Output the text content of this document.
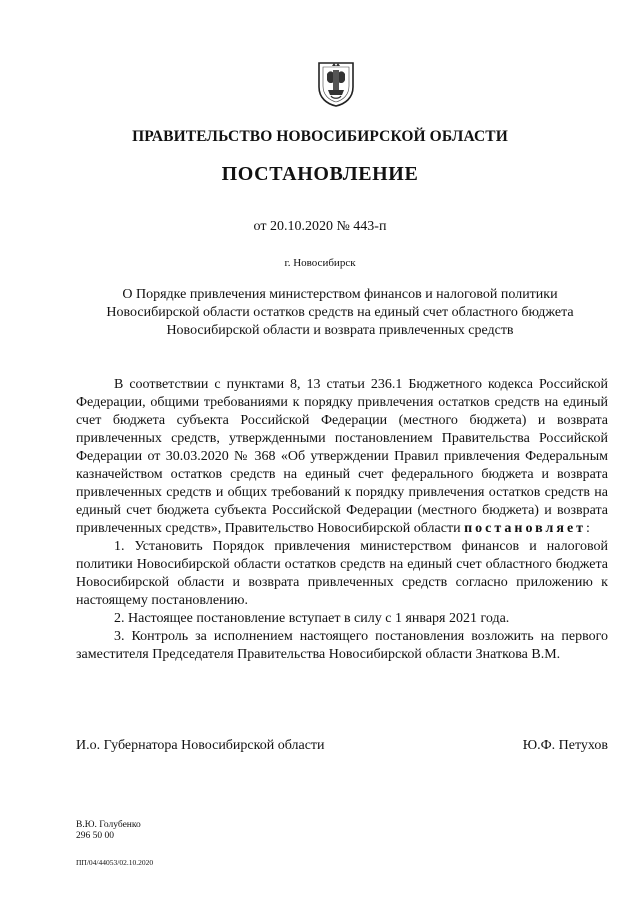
ПРАВИТЕЛЬСТВО НОВОСИБИРСКОЙ ОБЛАСТИ
ПОСТАНОВЛЕНИЕ
от 20.10.2020 № 443-п
г. Новосибирск
О Порядке привлечения министерством финансов и налоговой политики
Новосибирской области остатков средств на единый счет областного бюджета
Новосибирской области и возврата привлеченных средств

В соответствии с пунктами 8, 13 статьи 236.1 Бюджетного кодекса Российской Федерации, общими требованиями к порядку привлечения остатков средств на единый счет бюджета субъекта Российской Федерации (местного бюджета) и возврата привлеченных средств, утвержденными постановлением Правительства Российской Федерации от 30.03.2020 № 368 «Об утверждении Правил привлечения Федеральным казначейством остатков средств на единый счет федерального бюджета и возврата привлеченных средств и общих требований к порядку привлечения остатков средств на единый счет бюджета субъекта Российской Федерации (местного бюджета) и возврата привлеченных средств», Правительство Новосибирской области постановляет:

1. Установить Порядок привлечения министерством финансов и налоговой политики Новосибирской области остатков средств на единый счет областного бюджета Новосибирской области и возврата привлеченных средств согласно приложению к настоящему постановлению.

2. Настоящее постановление вступает в силу с 1 января 2021 года.

3. Контроль за исполнением настоящего постановления возложить на первого заместителя Председателя Правительства Новосибирской области Знаткова В.М.

И.о. Губернатора Новосибирской области	Ю.Ф. Петухов
В.Ю. Голубенко
296 50 00
ПП/04/44053/02.10.2020
